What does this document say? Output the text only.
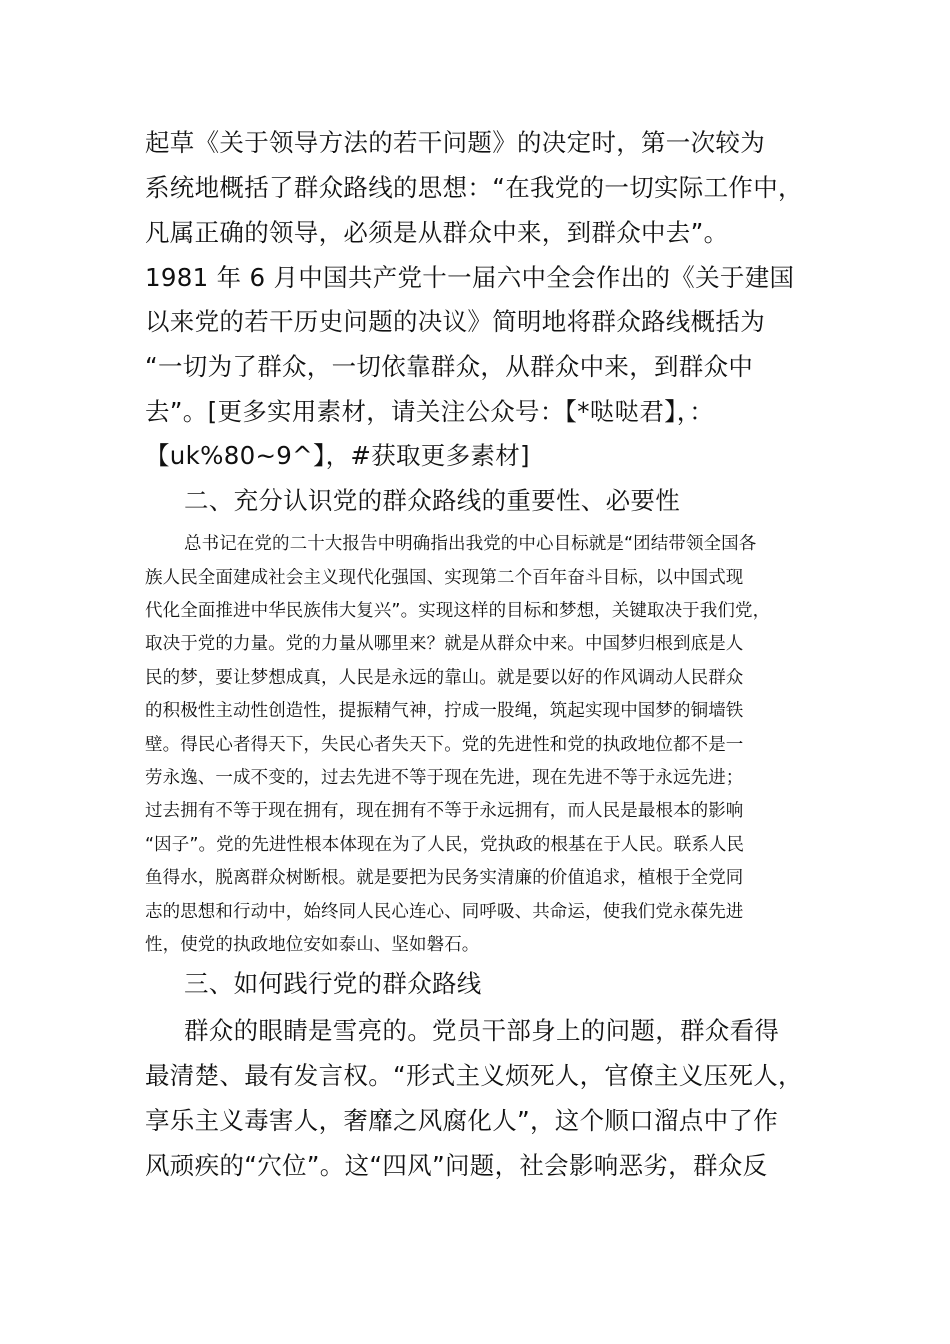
起草《关于领导方法的若干问题》的决定时，第一次较为

系统地概括了群众路线的思想：“在我党的一切实际工作中，

凡属正确的领导，必须是从群众中来，到群众中去”。

1981 年 6 月中国共产党十一届六中全会作出的《关于建国

以来党的若干历史问题的决议》简明地将群众路线概括为

“一切为了群众，一切依靠群众，从群众中来，到群众中

去”。[更多实用素材，请关注公众号：【*哒哒君】，：

【uk%80~9^】，#获取更多素材]

二、充分认识党的群众路线的重要性、必要性

总书记在党的二十大报告中明确指出我党的中心目标就是“团结带领全国各

族人民全面建成社会主义现代化强国、实现第二个百年奋斗目标，以中国式现

代化全面推进中华民族伟大复兴”。实现这样的目标和梦想，关键取决于我们党，

取决于党的力量。党的力量从哪里来？就是从群众中来。中国梦归根到底是人

民的梦，要让梦想成真，人民是永远的靠山。就是要以好的作风调动人民群众

的积极性主动性创造性，提振精气神，拧成一股绳，筑起实现中国梦的铜墙铁

壁。得民心者得天下，失民心者失天下。党的先进性和党的执政地位都不是一

劳永逸、一成不变的，过去先进不等于现在先进，现在先进不等于永远先进；

过去拥有不等于现在拥有，现在拥有不等于永远拥有，而人民是最根本的影响

“因子”。党的先进性根本体现在为了人民，党执政的根基在于人民。联系人民

鱼得水，脱离群众树断根。就是要把为民务实清廉的价值追求，植根于全党同

志的思想和行动中，始终同人民心连心、同呼吸、共命运，使我们党永葆先进

性，使党的执政地位安如泰山、坚如磐石。

三、如何践行党的群众路线

群众的眼睛是雪亮的。党员干部身上的问题，群众看得

最清楚、最有发言权。“形式主义烦死人，官僚主义压死人，

享乐主义毒害人，奢靡之风腐化人”，这个顺口溜点中了作

风顽疾的“穴位”。这“四风”问题，社会影响恶劣，群众反
